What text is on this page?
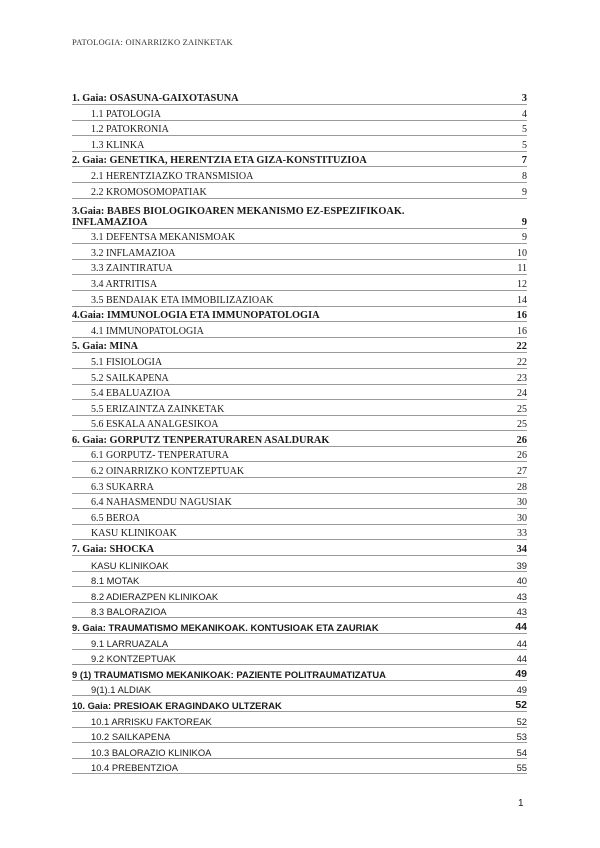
PATOLOGIA: OINARRIZKO ZAINKETAK
1. Gaia: OSASUNA-GAIXOTASUNA	3
1.1 PATOLOGIA	4
1.2 PATOKRONIA	5
1.3 KLINKA	5
2. Gaia: GENETIKA, HERENTZIA ETA GIZA-KONSTITUZIOA	7
2.1 HERENTZIAZKO TRANSMISIOA	8
2.2 KROMOSOMOPATIAK	9
3.Gaia: BABES BIOLOGIKOAREN MEKANISMO EZ-ESPEZIFIKOAK. INFLAMAZIOA	9
3.1 DEFENTSA MEKANISMOAK	9
3.2 INFLAMAZIOA	10
3.3 ZAINTIRATUA	11
3.4 ARTRITISA	12
3.5 BENDAIAK ETA IMMOBILIZAZIOAK	14
4.Gaia: IMMUNOLOGIA ETA IMMUNOPATOLOGIA	16
4.1 IMMUNOPATOLOGIA	16
5. Gaia: MINA	22
5.1 FISIOLOGIA	22
5.2 SAILKAPENA	23
5.4 EBALUAZIOA	24
5.5 ERIZAINTZA ZAINKETAK	25
5.6 ESKALA ANALGESIKOA	25
6. Gaia: GORPUTZ TENPERATURAREN ASALDURAK	26
6.1 GORPUTZ- TENPERATURA	26
6.2 OINARRIZKO KONTZEPTUAK	27
6.3 SUKARRA	28
6.4 NAHASMENDU NAGUSIAK	30
6.5 BEROA	30
KASU KLINIKOAK	33
7. Gaia: SHOCKA	34
KASU KLINIKOAK	39
8.1 MOTAK	40
8.2 ADIERAZPEN KLINIKOAK	43
8.3 BALORAZIOA	43
9. Gaia: TRAUMATISMO MEKANIKOAK. KONTUSIOAK ETA ZAURIAK	44
9.1 LARRUAZALA	44
9.2 KONTZEPTUAK	44
9 (1) TRAUMATISMO MEKANIKOAK: PAZIENTE POLITRAUMATIZATUA	49
9(1).1 ALDIAK	49
10. Gaia: PRESIOAK ERAGINDAKO ULTZERAK	52
10.1 ARRISKU FAKTOREAK	52
10.2 SAILKAPENA	53
10.3 BALORAZIO KLINIKOA	54
10.4 PREBENTZIOA	55
1
